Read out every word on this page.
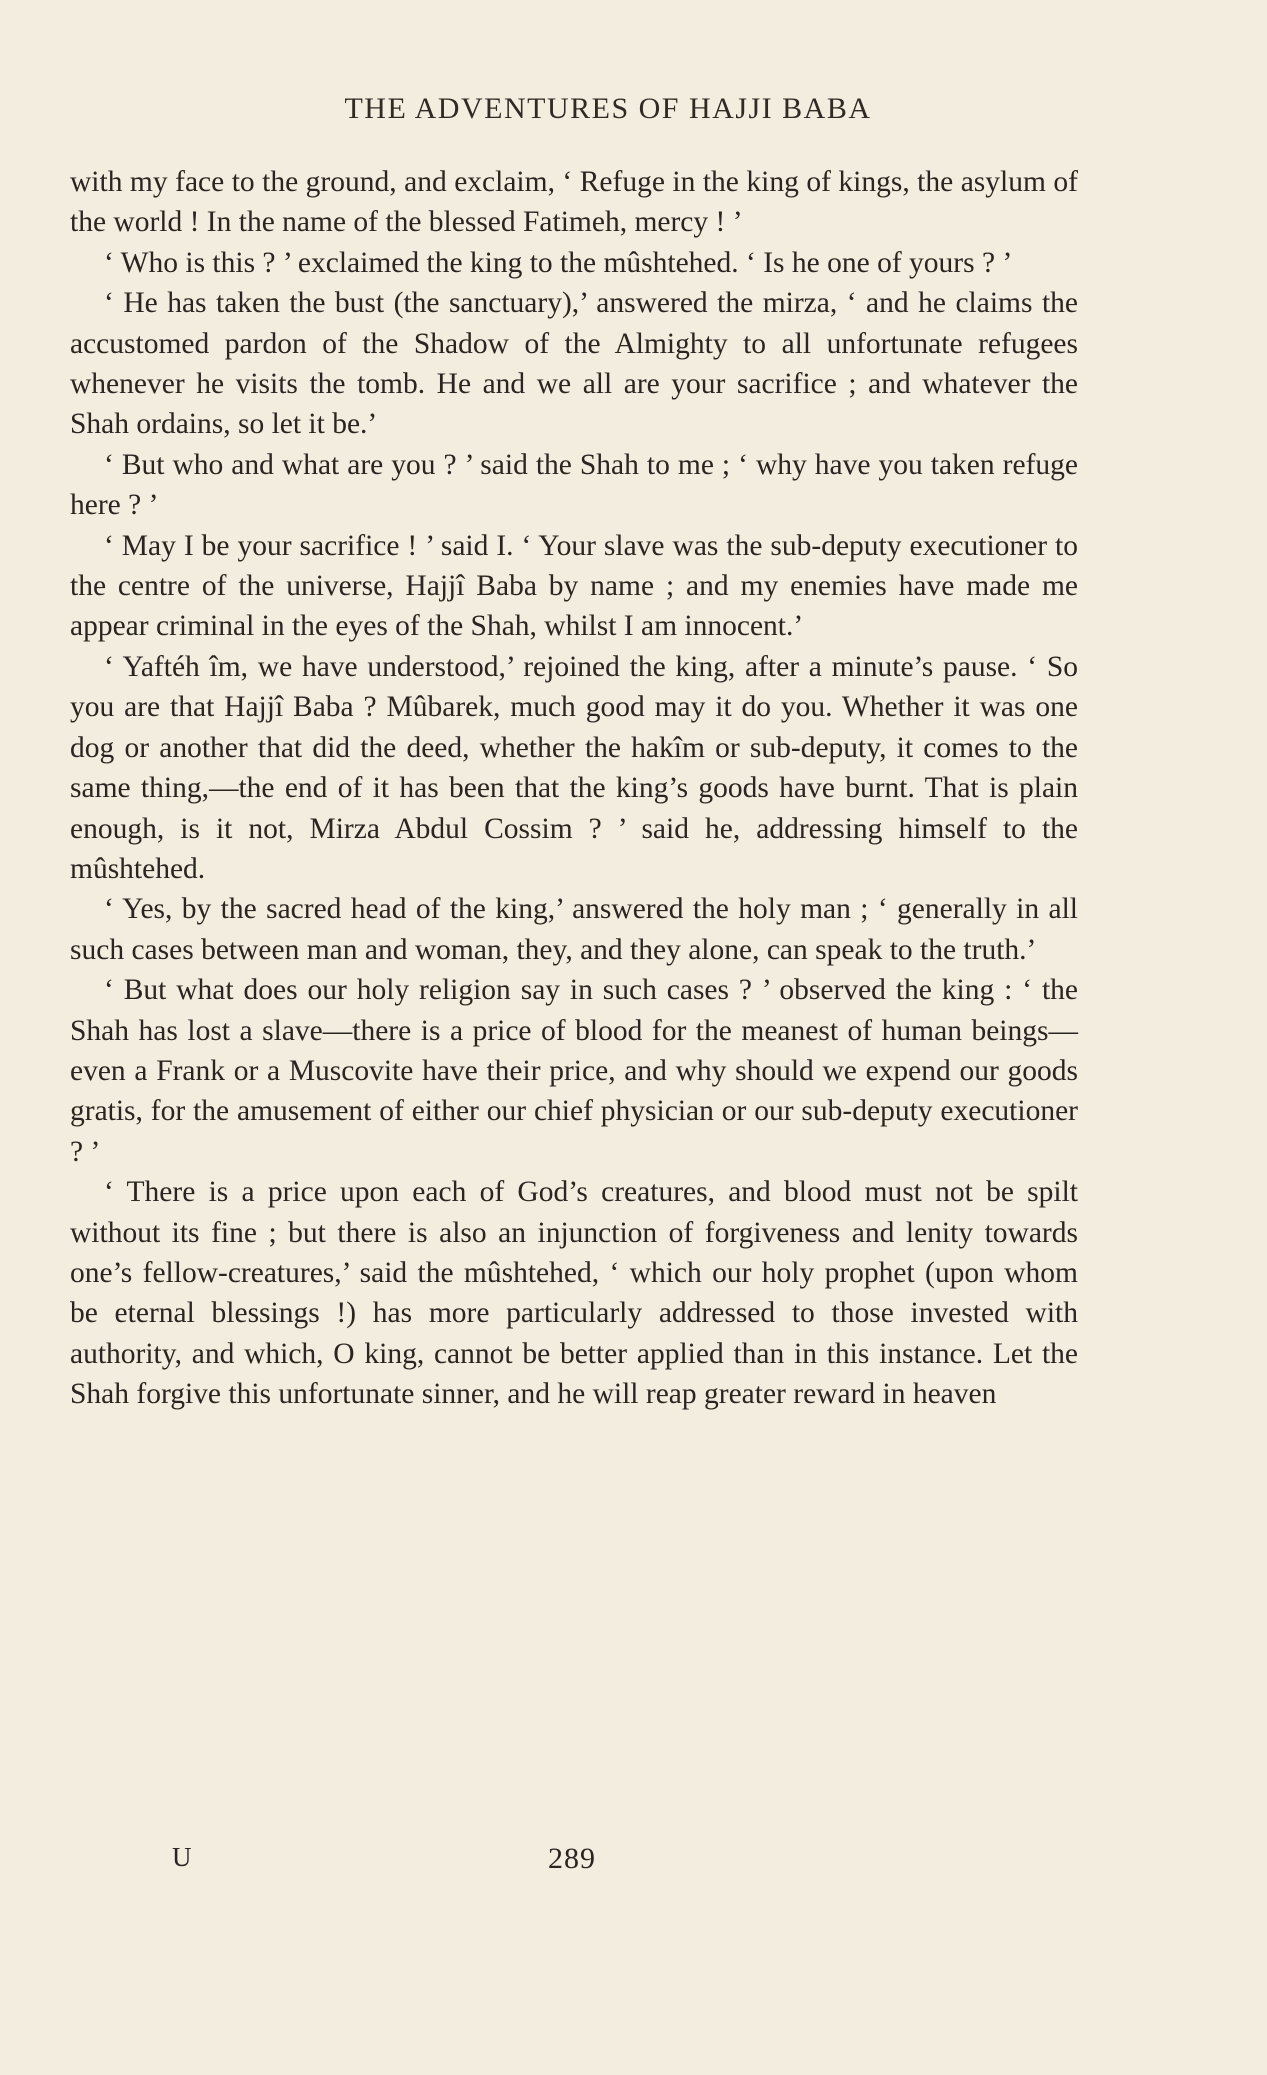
THE ADVENTURES OF HAJJI BABA

with my face to the ground, and exclaim, ‘ Refuge in the king of kings, the asylum of the world ! In the name of the blessed Fatimeh, mercy ! ’

‘ Who is this ? ’ exclaimed the king to the mûshtehed. ‘ Is he one of yours ? ’

‘ He has taken the bust (the sanctuary),’ answered the mirza, ‘ and he claims the accustomed pardon of the Shadow of the Almighty to all unfortunate refugees whenever he visits the tomb. He and we all are your sacrifice ; and whatever the Shah ordains, so let it be.’

‘ But who and what are you ? ’ said the Shah to me ; ‘ why have you taken refuge here ? ’

‘ May I be your sacrifice ! ’ said I. ‘ Your slave was the sub-deputy executioner to the centre of the universe, Hajjî Baba by name ; and my enemies have made me appear criminal in the eyes of the Shah, whilst I am innocent.’

‘ Yaftéh îm, we have understood,’ rejoined the king, after a minute’s pause. ‘ So you are that Hajjî Baba ? Mûbarek, much good may it do you. Whether it was one dog or another that did the deed, whether the hakîm or sub-deputy, it comes to the same thing,—the end of it has been that the king’s goods have burnt. That is plain enough, is it not, Mirza Abdul Cossim ? ’ said he, addressing himself to the mûshtehed.

‘ Yes, by the sacred head of the king,’ answered the holy man ; ‘ generally in all such cases between man and woman, they, and they alone, can speak to the truth.’

‘ But what does our holy religion say in such cases ? ’ observed the king : ‘ the Shah has lost a slave—there is a price of blood for the meanest of human beings—even a Frank or a Muscovite have their price, and why should we expend our goods gratis, for the amusement of either our chief physician or our sub-deputy executioner ? ’

‘ There is a price upon each of God’s creatures, and blood must not be spilt without its fine ; but there is also an injunction of forgiveness and lenity towards one’s fellow-creatures,’ said the mûshtehed, ‘ which our holy prophet (upon whom be eternal blessings !) has more particularly addressed to those invested with authority, and which, O king, cannot be better applied than in this instance. Let the Shah forgive this unfortunate sinner, and he will reap greater reward in heaven

U	289
